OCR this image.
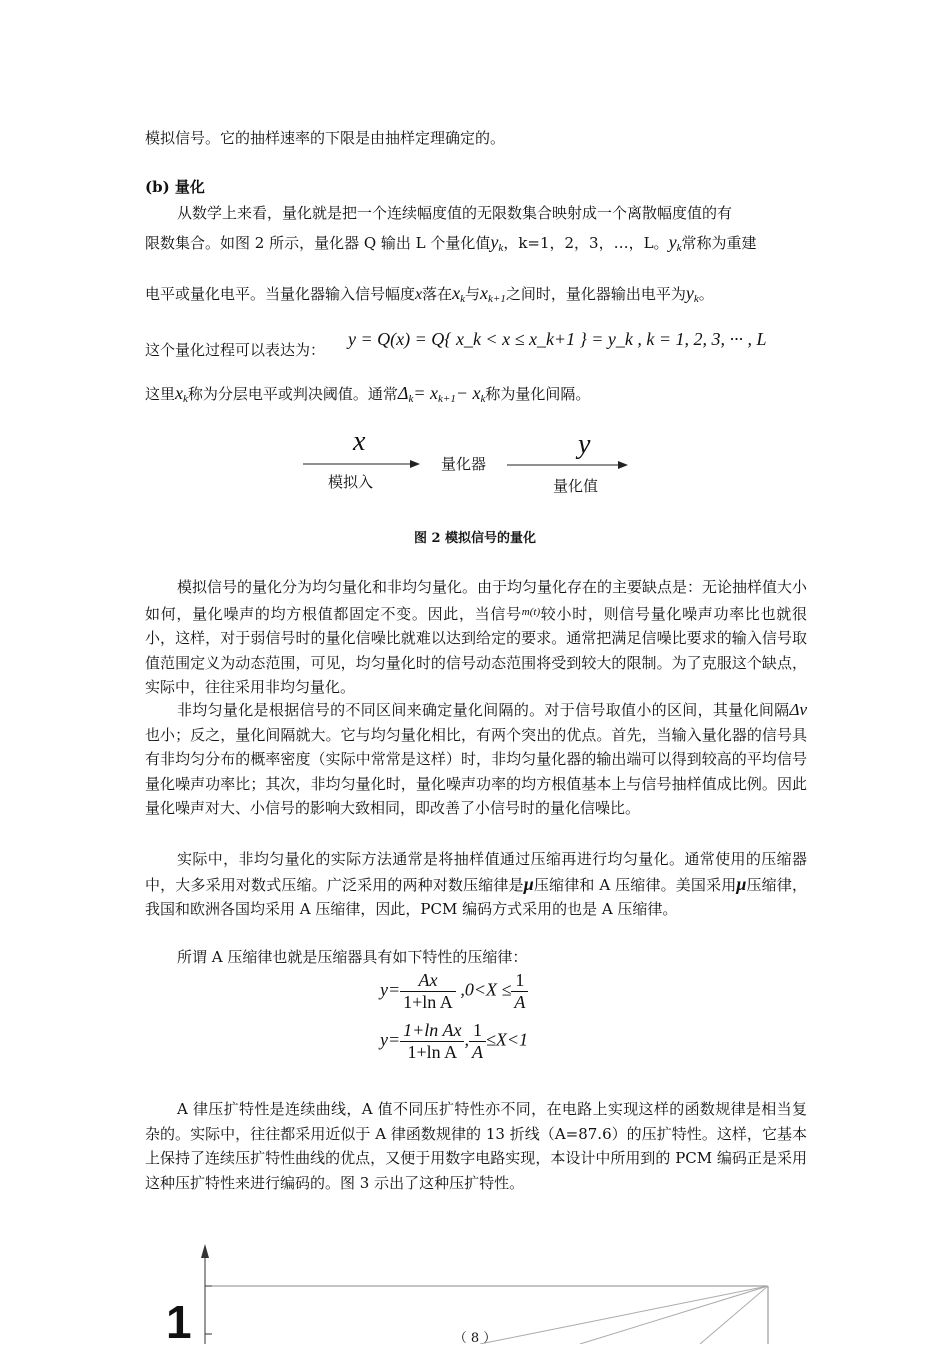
模拟信号。它的抽样速率的下限是由抽样定理确定的。

(b) 量化

从数学上来看，量化就是把一个连续幅度值的无限数集合映射成一个离散幅度值的有
限数集合。如图 2 所示，量化器 Q 输出 L 个量化值$y_k$，k=1，2，3，…，L。$y_k$常称为重建
电平或量化电平。当量化器输入信号幅度x落在$x_k$与$x_{k+1}$之间时，量化器输出电平为$y_k$。
这个量化过程可以表达为：
y = Q(x) = Q{ x_k < x ≤ x_k+1 } = y_k , k = 1, 2, 3, ··· , L
这里$x_k$称为分层电平或判决阈值。通常$\Delta_k= x_{k+1}- x_k$称为量化间隔。
x	y
量化器
模拟入	量化值
图 2 模拟信号的量化

模拟信号的量化分为均匀量化和非均匀量化。由于均匀量化存在的主要缺点是：无论抽样值大小如何，量化噪声的均方根值都固定不变。因此，当信号$^{m(t)}$较小时，则信号量化噪声功率比也就很小，这样，对于弱信号时的量化信噪比就难以达到给定的要求。通常把满足信噪比要求的输入信号取值范围定义为动态范围，可见，均匀量化时的信号动态范围将受到较大的限制。为了克服这个缺点，实际中，往往采用非均匀量化。

非均匀量化是根据信号的不同区间来确定量化间隔的。对于信号取值小的区间，其量化间隔Δv也小；反之，量化间隔就大。它与均匀量化相比，有两个突出的优点。首先，当输入量化器的信号具有非均匀分布的概率密度（实际中常常是这样）时，非均匀量化器的输出端可以得到较高的平均信号量化噪声功率比；其次，非均匀量化时，量化噪声功率的均方根值基本上与信号抽样值成比例。因此量化噪声对大、小信号的影响大致相同，即改善了小信号时的量化信噪比。

实际中，非均匀量化的实际方法通常是将抽样值通过压缩再进行均匀量化。通常使用的压缩器中，大多采用对数式压缩。广泛采用的两种对数压缩律是μ压缩律和 A 压缩律。美国采用μ压缩律，我国和欧洲各国均采用 A 压缩律，因此，PCM 编码方式采用的也是 A 压缩律。

所谓 A 压缩律也就是压缩器具有如下特性的压缩律：

$y= \frac{Ax}{\text{1+ln A}} ,0<X \le \frac{1}{A}$
$y= \frac{\text{1+ln Ax}}{\text{1+ln A}}$ , $\frac{1}{A} \le X<1$

A 律压扩特性是连续曲线，A 值不同压扩特性亦不同，在电路上实现这样的函数规律是相当复杂的。实际中，往往都采用近似于 A 律函数规律的 13 折线（A=87.6）的压扩特性。这样，它基本上保持了连续压扩特性曲线的优点，又便于用数字电路实现，本设计中所用到的 PCM 编码正是采用这种压扩特性来进行编码的。图 3 示出了这种压扩特性。

1	（ 8 ）
